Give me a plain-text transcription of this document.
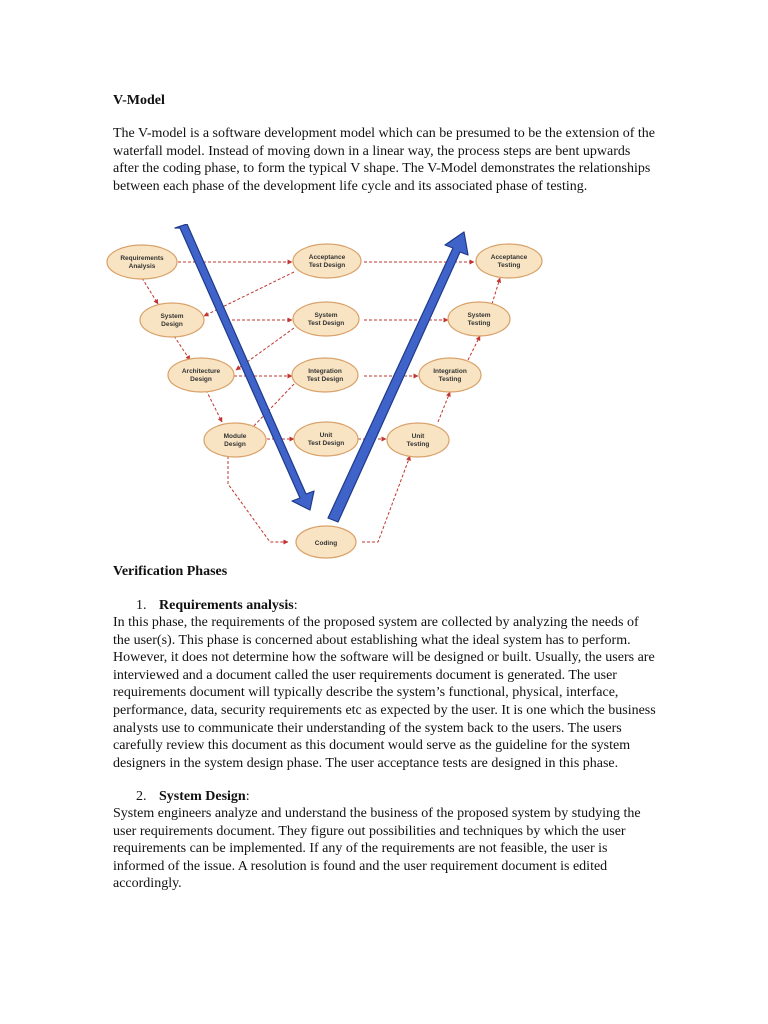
V-Model

The V-model is a software development model which can be presumed to be the extension of the waterfall model. Instead of moving down in a linear way, the process steps are bent upwards after the coding phase, to form the typical V shape. The V-Model demonstrates the relationships between each phase of the development life cycle and its associated phase of testing.

Requirements
Analysis
System
Design
Architecture
Design
Module
Design
Acceptance
Test Design
System
Test Design
Integration
Test Design
Unit
Test Design
Acceptance
Testing
System
Testing
Integration
Testing
Unit
Testing
Coding

Verification Phases

1. Requirements analysis:

In this phase, the requirements of the proposed system are collected by analyzing the needs of the user(s). This phase is concerned about establishing what the ideal system has to perform. However, it does not determine how the software will be designed or built. Usually, the users are interviewed and a document called the user requirements document is generated. The user requirements document will typically describe the system’s functional, physical, interface, performance, data, security requirements etc as expected by the user. It is one which the business analysts use to communicate their understanding of the system back to the users. The users carefully review this document as this document would serve as the guideline for the system designers in the system design phase. The user acceptance tests are designed in this phase.

2. System Design:

System engineers analyze and understand the business of the proposed system by studying the user requirements document. They figure out possibilities and techniques by which the user requirements can be implemented. If any of the requirements are not feasible, the user is informed of the issue. A resolution is found and the user requirement document is edited accordingly.
